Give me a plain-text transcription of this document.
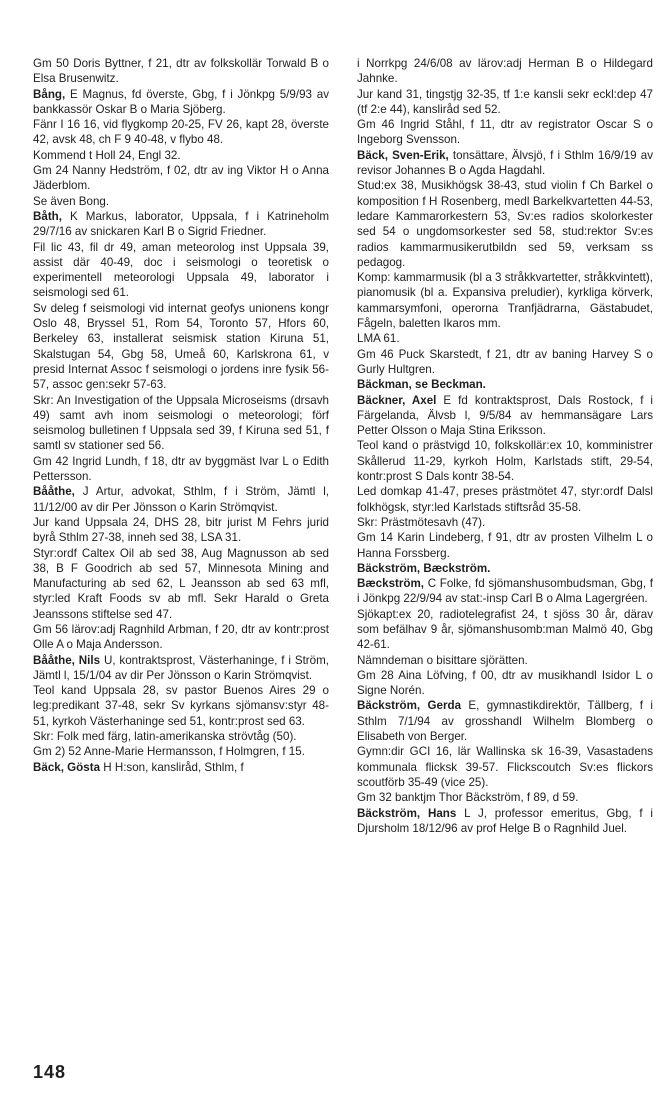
Gm 50 Doris Byttner, f 21, dtr av folkskollär Torwald B o Elsa Brusenwitz.

Bång, E Magnus, fd överste, Gbg, f i Jönkpg 5/9/93 av bankkassör Oskar B o Maria Sjöberg.

Fänr I 16 16, vid flygkomp 20-25, FV 26, kapt 28, överste 42, avsk 48, ch F 9 40-48, v flybo 48.

Kommend t Holl 24, Engl 32.

Gm 24 Nanny Hedström, f 02, dtr av ing Viktor H o Anna Jäderblom.

Se även Bong.

Båth, K Markus, laborator, Uppsala, f i Katrineholm 29/7/16 av snickaren Karl B o Sigrid Friedner.

Fil lic 43, fil dr 49, aman meteorolog inst Uppsala 39, assist där 40-49, doc i seismologi o teoretisk o experimentell meteorologi Uppsala 49, laborator i seismologi sed 61.

Sv deleg f seismologi vid internat geofys unionens kongr Oslo 48, Bryssel 51, Rom 54, Toronto 57, Hfors 60, Berkeley 63, installerat seismisk station Kiruna 51, Skalstugan 54, Gbg 58, Umeå 60, Karlskrona 61, v presid Internat Assoc f seismologi o jordens inre fysik 56-57, assoc gen:sekr 57-63.

Skr: An Investigation of the Uppsala Microseisms (drsavh 49) samt avh inom seismologi o meteorologi; förf seismolog bulletinen f Uppsala sed 39, f Kiruna sed 51, f samtl sv stationer sed 56.

Gm 42 Ingrid Lundh, f 18, dtr av byggmäst Ivar L o Edith Pettersson.

Bååthe, J Artur, advokat, Sthlm, f i Ström, Jämtl l, 11/12/00 av dir Per Jönsson o Karin Strömqvist.

Jur kand Uppsala 24, DHS 28, bitr jurist M Fehrs jurid byrå Sthlm 27-38, inneh sed 38, LSA 31.

Styr:ordf Caltex Oil ab sed 38, Aug Magnusson ab sed 38, B F Goodrich ab sed 57, Minnesota Mining and Manufacturing ab sed 62, L Jeansson ab sed 63 mfl, styr:led Kraft Foods sv ab mfl. Sekr Harald o Greta Jeanssons stiftelse sed 47.

Gm 56 lärov:adj Ragnhild Arbman, f 20, dtr av kontr:prost Olle A o Maja Andersson.

Bååthe, Nils U, kontraktsprost, Västerhaninge, f i Ström, Jämtl l, 15/1/04 av dir Per Jönsson o Karin Strömqvist.

Teol kand Uppsala 28, sv pastor Buenos Aires 29 o leg:predikant 37-48, sekr Sv kyrkans sjömansv:styr 48-51, kyrkoh Västerhaninge sed 51, kontr:prost sed 63.

Skr: Folk med färg, latin-amerikanska strövtåg (50).

Gm 2) 52 Anne-Marie Hermansson, f Holmgren, f 15.

Bäck, Gösta H H:son, kansliråd, Sthlm, f

i Norrkpg 24/6/08 av lärov:adj Herman B o Hildegard Jahnke.

Jur kand 31, tingstjg 32-35, tf 1:e kansli sekr eckl:dep 47 (tf 2:e 44), kansliråd sed 52.

Gm 46 Ingrid Ståhl, f 11, dtr av registrator Oscar S o Ingeborg Svensson.

Bäck, Sven-Erik, tonsättare, Älvsjö, f i Sthlm 16/9/19 av revisor Johannes B o Agda Hagdahl.

Stud:ex 38, Musikhögsk 38-43, stud violin f Ch Barkel o komposition f H Rosenberg, medl Barkelkvartetten 44-53, ledare Kammarorkestern 53, Sv:es radios skolorkester sed 54 o ungdomsorkester sed 58, stud:rektor Sv:es radios kammarmusikerutbildn sed 59, verksam ss pedagog.

Komp: kammarmusik (bl a 3 stråkkvartetter, stråkkvintett), pianomusik (bl a. Expansiva preludier), kyrkliga körverk, kammarsymfoni, operorna Tranfjädrarna, Gästabudet, Fågeln, baletten Ikaros mm.

LMA 61.

Gm 46 Puck Skarstedt, f 21, dtr av baning Harvey S o Gurly Hultgren.

Bäckman, se Beckman.

Bäckner, Axel E fd kontraktsprost, Dals Rostock, f i Färgelanda, Älvsb l, 9/5/84 av hemmansägare Lars Petter Olsson o Maja Stina Eriksson.

Teol kand o prästvigd 10, folkskollär:ex 10, komministrer Skållerud 11-29, kyrkoh Holm, Karlstads stift, 29-54, kontr:prost S Dals kontr 38-54.

Led domkap 41-47, preses prästmötet 47, styr:ordf Dalsl folkhögsk, styr:led Karlstads stiftsråd 35-58.

Skr: Prästmötesavh (47).

Gm 14 Karin Lindeberg, f 91, dtr av prosten Vilhelm L o Hanna Forssberg.

Bäckström, Bæckström.

Bæckström, C Folke, fd sjömanshusombudsman, Gbg, f i Jönkpg 22/9/94 av stat:-insp Carl B o Alma Lagergréen.

Sjökapt:ex 20, radiotelegrafist 24, t sjöss 30 år, därav som befälhav 9 år, sjömanshusomb:man Malmö 40, Gbg 42-61.

Nämndeman o bisittare sjörätten.

Gm 28 Aina Löfving, f 00, dtr av musikhandl Isidor L o Signe Norén.

Bäckström, Gerda E, gymnastikdirektör, Tällberg, f i Sthlm 7/1/94 av grosshandl Wilhelm Blomberg o Elisabeth von Berger.

Gymn:dir GCI 16, lär Wallinska sk 16-39, Vasastadens kommunala flicksk 39-57. Flickscoutch Sv:es flickors scoutförb 35-49 (vice 25).

Gm 32 banktjm Thor Bäckström, f 89, d 59.

Bäckström, Hans L J, professor emeritus, Gbg, f i Djursholm 18/12/96 av prof Helge B o Ragnhild Juel.

148
